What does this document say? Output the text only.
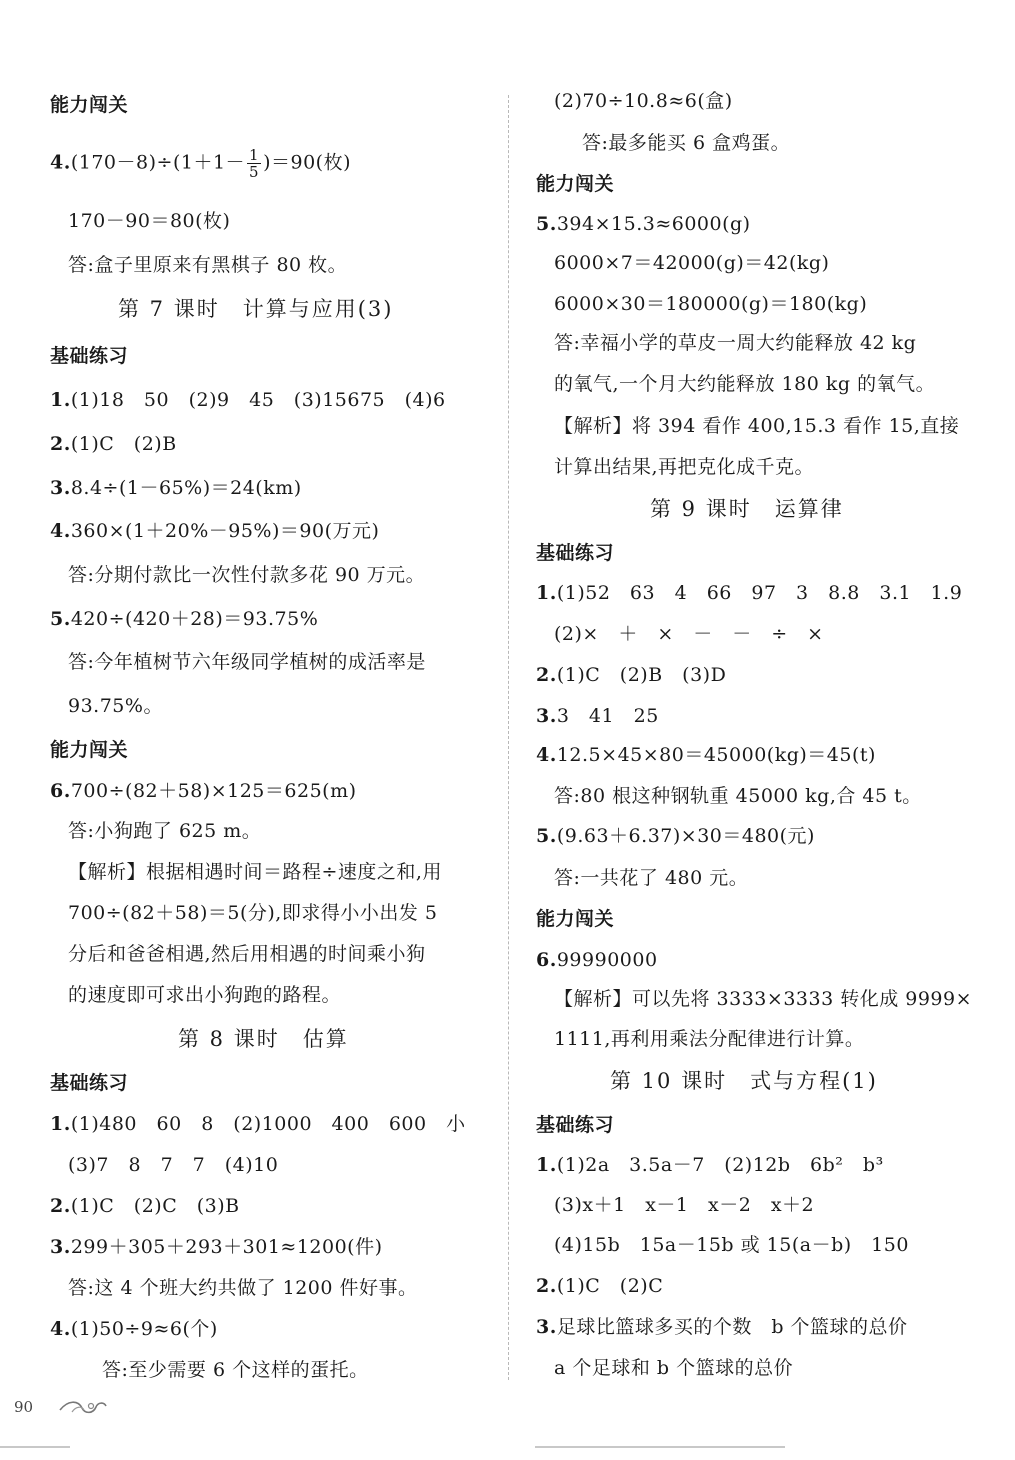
能力闯关
$4.(170-8)\div(1+1- \frac{1}{5} )=90$(枚)
170－90＝80(枚)
答:盒子里原来有黑棋子 80 枚。
第 7 课时　计算与应用(3)
基础练习
1.(1)18　50　(2)9　45　(3)15675　(4)6
2.(1)C　(2)B
3.8.4÷(1－65%)＝24(km)
4.360×(1＋20%－95%)＝90(万元)
答:分期付款比一次性付款多花 90 万元。
5.420÷(420＋28)＝93.75%
答:今年植树节六年级同学植树的成活率是
93.75%。
能力闯关
6.700÷(82＋58)×125＝625(m)
答:小狗跑了 625 m。
【解析】根据相遇时间＝路程÷速度之和,用
700÷(82＋58)＝5(分),即求得小小出发 5
分后和爸爸相遇,然后用相遇的时间乘小狗
的速度即可求出小狗跑的路程。
第 8 课时　估算
基础练习
1.(1)480　60　8　(2)1000　400　600　小
(3)7　8　7　7　(4)10
2.(1)C　(2)C　(3)B
3.299＋305＋293＋301≈1200(件)
答:这 4 个班大约共做了 1200 件好事。
4.(1)50÷9≈6(个)
答:至少需要 6 个这样的蛋托。
(2)70÷10.8≈6(盒)
答:最多能买 6 盒鸡蛋。
能力闯关
5.394×15.3≈6000(g)
6000×7＝42000(g)＝42(kg)
6000×30＝180000(g)＝180(kg)
答:幸福小学的草皮一周大约能释放 42 kg
的氧气,一个月大约能释放 180 kg 的氧气。
【解析】将 394 看作 400,15.3 看作 15,直接
计算出结果,再把克化成千克。
第 9 课时　运算律
基础练习
1.(1)52　63　4　66　97　3　8.8　3.1　1.9
(2)×　＋　×　－　－　÷　×
2.(1)C　(2)B　(3)D
3.3　41　25
4.12.5×45×80＝45000(kg)＝45(t)
答:80 根这种钢轨重 45000 kg,合 45 t。
5.(9.63＋6.37)×30＝480(元)
答:一共花了 480 元。
能力闯关
6.99990000
【解析】可以先将 3333×3333 转化成 9999×
1111,再利用乘法分配律进行计算。
第 10 课时　式与方程(1)
基础练习
1.(1)2a　3.5a－7　(2)12b　6b²　b³
(3)x＋1　x－1　x－2　x＋2
(4)15b　15a－15b 或 15(a－b)　150
2.(1)C　(2)C
3.足球比篮球多买的个数　b 个篮球的总价
a 个足球和 b 个篮球的总价
90
